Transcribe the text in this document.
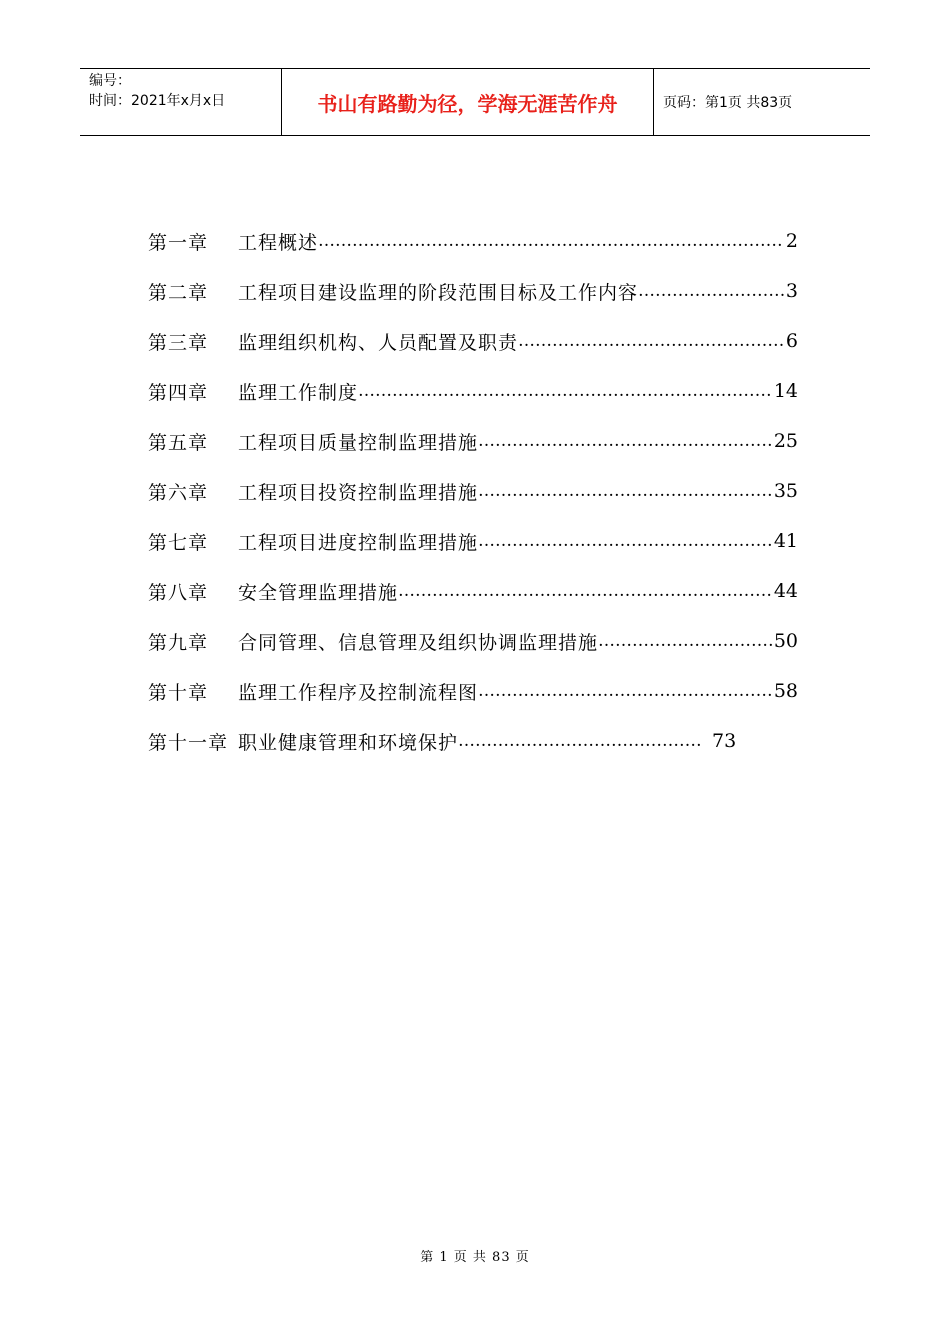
编号：
时间：2021年x月x日	书山有路勤为径，学海无涯苦作舟	页码：第1页 共83页
第一章	工程概述 ……………………………………………………………………………………………………………………	2
第二章	工程项目建设监理的阶段范围目标及工作内容 ……………………………………………………………………………………………………………………	3
第三章	监理组织机构、人员配置及职责 ……………………………………………………………………………………………………………………	6
第四章	监理工作制度 ……………………………………………………………………………………………………………………	14
第五章	工程项目质量控制监理措施 ……………………………………………………………………………………………………………………	25
第六章	工程项目投资控制监理措施 ……………………………………………………………………………………………………………………	35
第七章	工程项目进度控制监理措施 ……………………………………………………………………………………………………………………	41
第八章	安全管理监理措施 ……………………………………………………………………………………………………………………	44
第九章	合同管理、信息管理及组织协调监理措施 ……………………………………………………………………………………………………………………	50
第十章	监理工作程序及控制流程图 ……………………………………………………………………………………………………………………	58
第十一章 职业健康管理和环境保护 ……………………………………………………………………………………………………………………	73
第 1 页 共 83 页
